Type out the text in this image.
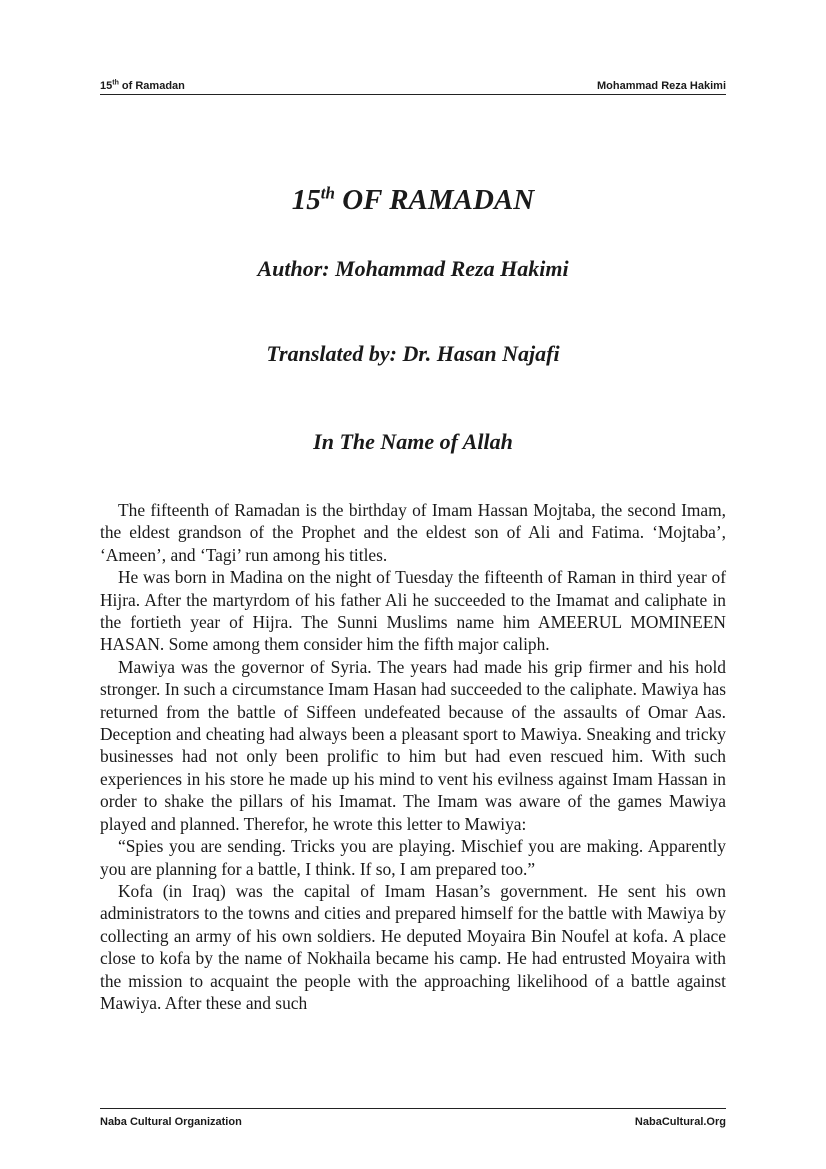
15th of Ramadan	Mohammad Reza Hakimi
15th OF RAMADAN
Author: Mohammad Reza Hakimi
Translated by: Dr. Hasan Najafi
In The Name of Allah

The fifteenth of Ramadan is the birthday of Imam Hassan Mojtaba, the second Imam, the eldest grandson of the Prophet and the eldest son of Ali and Fatima. ‘Mojtaba’, ‘Ameen’, and ‘Tagi’ run among his titles.

He was born in Madina on the night of Tuesday the fifteenth of Raman in third year of Hijra. After the martyrdom of his father Ali he succeeded to the Imamat and caliphate in the fortieth year of Hijra. The Sunni Muslims name him AMEERUL MOMINEEN HASAN. Some among them consider him the fifth major caliph.

Mawiya was the governor of Syria. The years had made his grip firmer and his hold stronger. In such a circumstance Imam Hasan had succeeded to the caliphate. Mawiya has returned from the battle of Siffeen undefeated because of the assaults of Omar Aas. Deception and cheating had always been a pleasant sport to Mawiya. Sneaking and tricky businesses had not only been prolific to him but had even rescued him. With such experiences in his store he made up his mind to vent his evilness against Imam Hassan in order to shake the pillars of his Imamat. The Imam was aware of the games Mawiya played and planned. Therefor, he wrote this letter to Mawiya:

“Spies you are sending. Tricks you are playing. Mischief you are making. Apparently you are planning for a battle, I think. If so, I am prepared too.”

Kofa (in Iraq) was the capital of Imam Hasan’s government. He sent his own administrators to the towns and cities and prepared himself for the battle with Mawiya by collecting an army of his own soldiers. He deputed Moyaira Bin Noufel at kofa. A place close to kofa by the name of Nokhaila became his camp. He had entrusted Moyaira with the mission to acquaint the people with the approaching likelihood of a battle against Mawiya. After these and such

Naba Cultural Organization	NabaCultural.Org
